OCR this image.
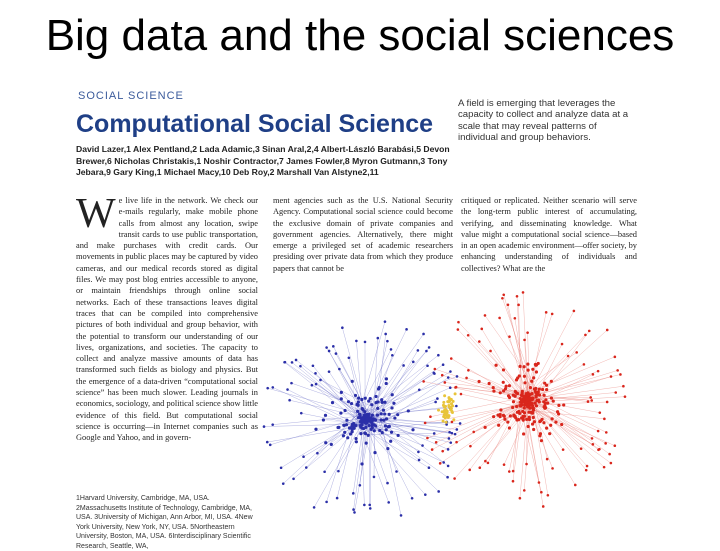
Big data and the social sciences
SOCIAL SCIENCE
Computational Social Science
A field is emerging that leverages the capacity to collect and analyze data at a scale that may reveal patterns of individual and group behaviors.
David Lazer,1 Alex Pentland,2 Lada Adamic,3 Sinan Aral,2,4 Albert-László Barabási,5 Devon Brewer,6 Nicholas Christakis,1 Noshir Contractor,7 James Fowler,8 Myron Gutmann,3 Tony Jebara,9 Gary King,1 Michael Macy,10 Deb Roy,2 Marshall Van Alstyne2,11
We live life in the network. We check our e-mails regularly, make mobile phone calls from almost any location, swipe transit cards to use public transportation, and make purchases with credit cards. Our movements in public places may be captured by video cameras, and our medical records stored as digital files. We may post blog entries accessible to anyone, or maintain friendships through online social networks. Each of these transactions leaves digital traces that can be compiled into comprehensive pictures of both individual and group behavior, with the potential to transform our understanding of our lives, organizations, and societies. The capacity to collect and analyze massive amounts of data has transformed such fields as biology and physics. But the emergence of a data-driven “computational social science” has been much slower. Leading journals in economics, sociology, and political science show little evidence of this field. But computational social science is occurring—in Internet companies such as Google and Yahoo, and in govern-
ment agencies such as the U.S. National Security Agency. Computational social science could become the exclusive domain of private companies and government agencies. Alternatively, there might emerge a privileged set of academic researchers presiding over private data from which they produce papers that cannot be
critiqued or replicated. Neither scenario will serve the long-term public interest of accumulating, verifying, and disseminating knowledge. What value might a computational social science—based in an open academic environment—offer society, by enhancing understanding of individuals and collectives? What are the
1Harvard University, Cambridge, MA, USA. 2Massachusetts Institute of Technology, Cambridge, MA, USA. 3University of Michigan, Ann Arbor, MI, USA. 4New York University, New York, NY, USA. 5Northeastern University, Boston, MA, USA. 6Interdisciplinary Scientific Research, Seattle, WA,
